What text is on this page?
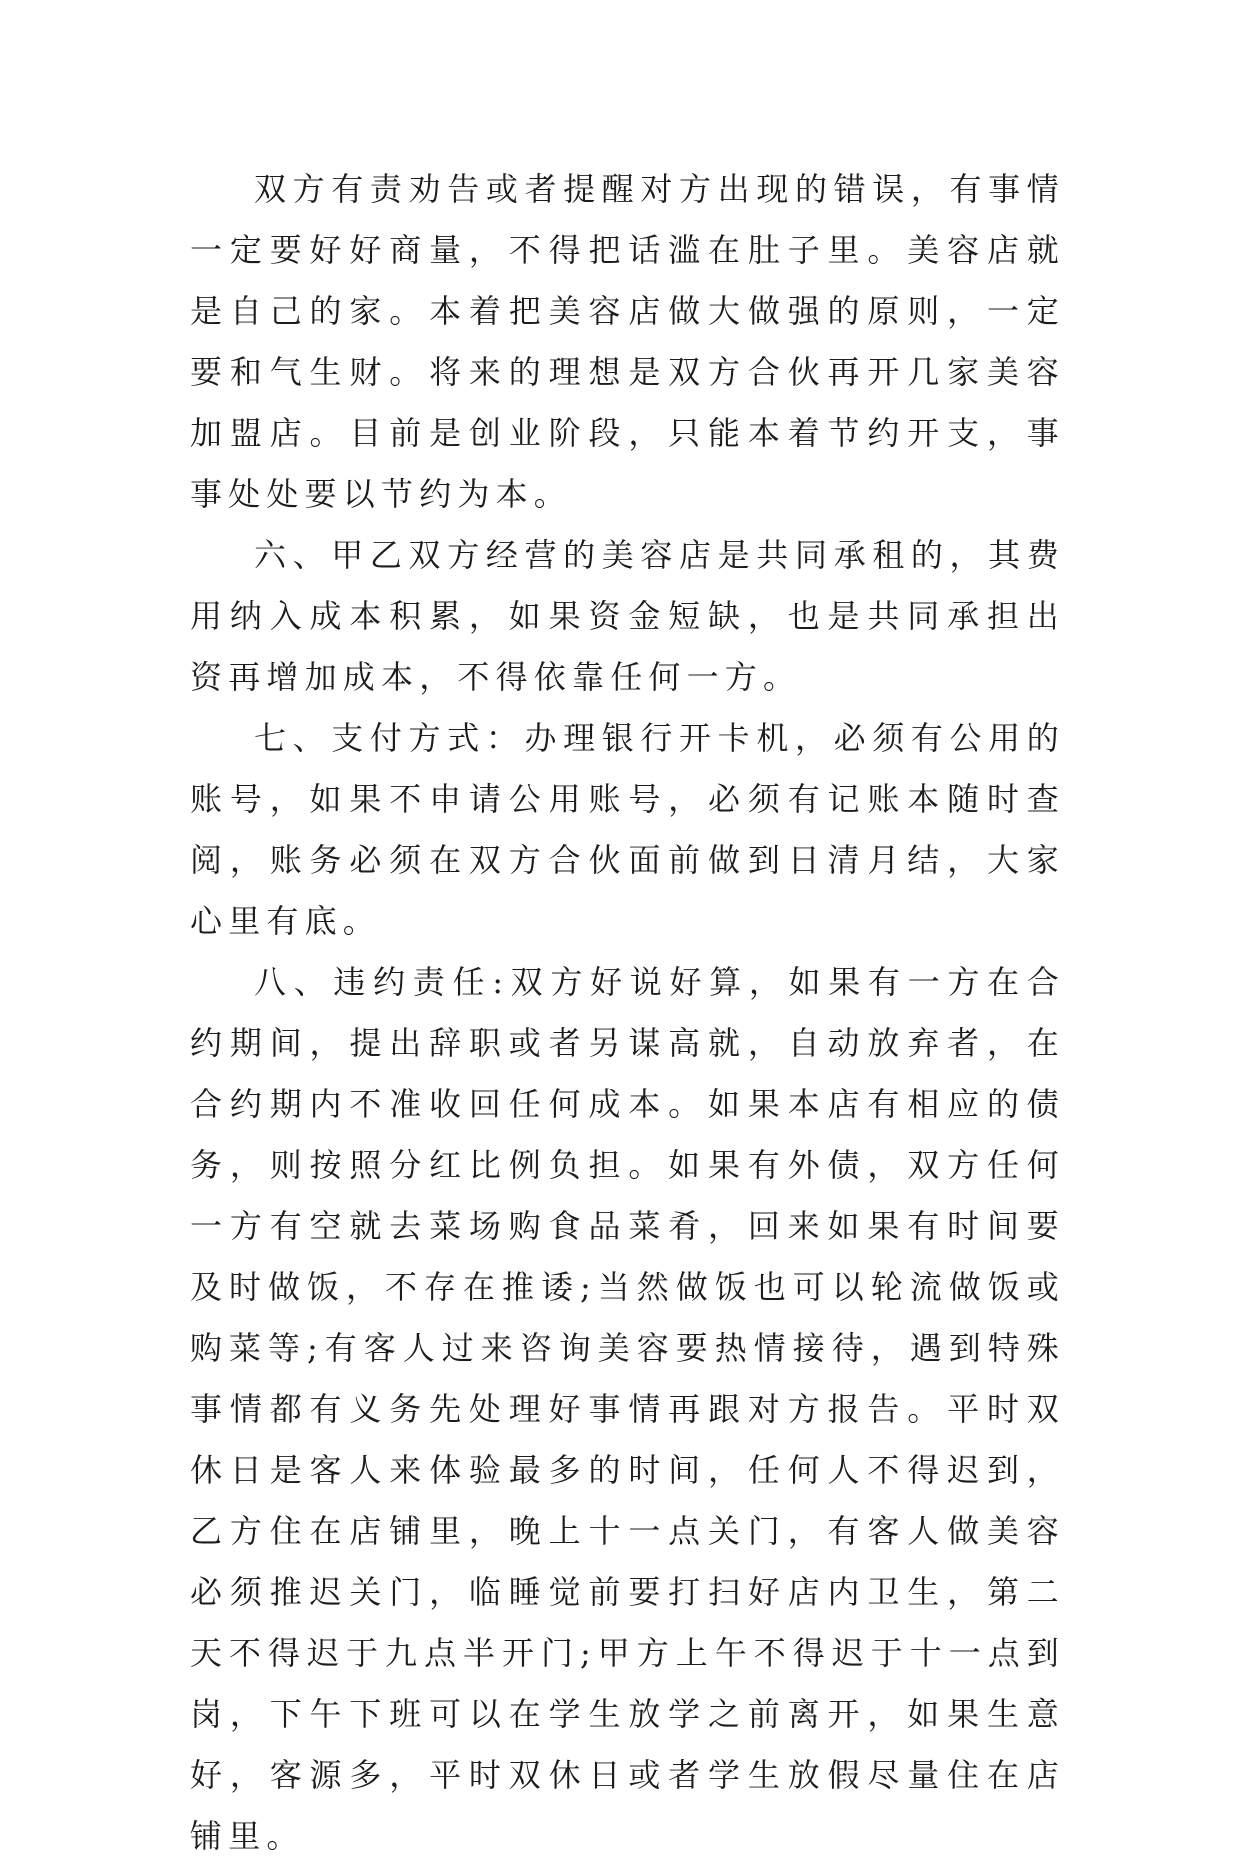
双方有责劝告或者提醒对方出现的错误，有事情一定要好好商量，不得把话滥在肚子里。美容店就是自己的家。本着把美容店做大做强的原则，一定要和气生财。将来的理想是双方合伙再开几家美容加盟店。目前是创业阶段，只能本着节约开支，事事处处要以节约为本。

六、甲乙双方经营的美容店是共同承租的，其费用纳入成本积累，如果资金短缺，也是共同承担出资再增加成本，不得依靠任何一方。

七、支付方式：办理银行开卡机，必须有公用的账号，如果不申请公用账号，必须有记账本随时查阅，账务必须在双方合伙面前做到日清月结，大家心里有底。

八、违约责任:双方好说好算，如果有一方在合约期间，提出辞职或者另谋高就，自动放弃者，在合约期内不准收回任何成本。如果本店有相应的债务，则按照分红比例负担。如果有外债，双方任何一方有空就去菜场购食品菜肴，回来如果有时间要及时做饭，不存在推诿;当然做饭也可以轮流做饭或购菜等;有客人过来咨询美容要热情接待，遇到特殊事情都有义务先处理好事情再跟对方报告。平时双休日是客人来体验最多的时间，任何人不得迟到，乙方住在店铺里，晚上十一点关门，有客人做美容必须推迟关门，临睡觉前要打扫好店内卫生，第二天不得迟于九点半开门;甲方上午不得迟于十一点到岗，下午下班可以在学生放学之前离开，如果生意好，客源多，平时双休日或者学生放假尽量住在店铺里。
